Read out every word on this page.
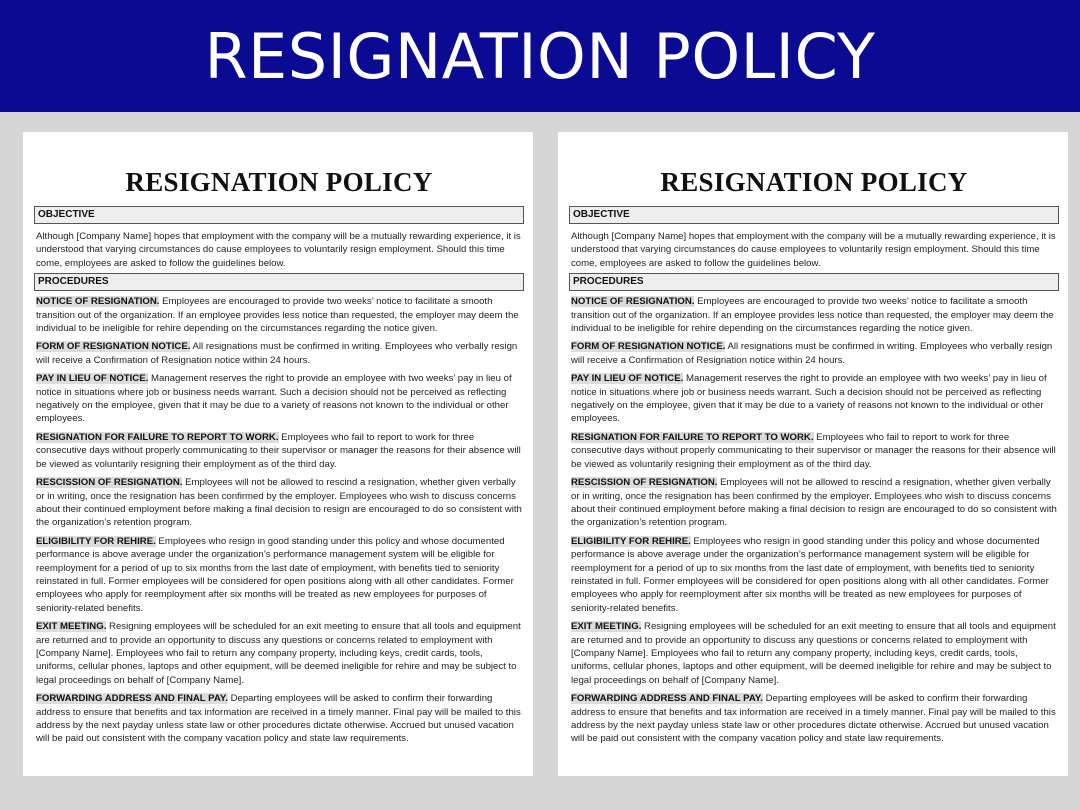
RESIGNATION POLICY
RESIGNATION POLICY
OBJECTIVE

Although [Company Name] hopes that employment with the company will be a mutually rewarding experience, it is understood that varying circumstances do cause employees to voluntarily resign employment. Should this time come, employees are asked to follow the guidelines below.

PROCEDURES

NOTICE OF RESIGNATION. Employees are encouraged to provide two weeks’ notice to facilitate a smooth transition out of the organization. If an employee provides less notice than requested, the employer may deem the individual to be ineligible for rehire depending on the circumstances regarding the notice given.

FORM OF RESIGNATION NOTICE. All resignations must be confirmed in writing. Employees who verbally resign will receive a Confirmation of Resignation notice within 24 hours.

PAY IN LIEU OF NOTICE. Management reserves the right to provide an employee with two weeks’ pay in lieu of notice in situations where job or business needs warrant. Such a decision should not be perceived as reflecting negatively on the employee, given that it may be due to a variety of reasons not known to the individual or other employees.

RESIGNATION FOR FAILURE TO REPORT TO WORK. Employees who fail to report to work for three consecutive days without properly communicating to their supervisor or manager the reasons for their absence will be viewed as voluntarily resigning their employment as of the third day.

RESCISSION OF RESIGNATION. Employees will not be allowed to rescind a resignation, whether given verbally or in writing, once the resignation has been confirmed by the employer. Employees who wish to discuss concerns about their continued employment before making a final decision to resign are encouraged to do so consistent with the organization’s retention program.

ELIGIBILITY FOR REHIRE. Employees who resign in good standing under this policy and whose documented performance is above average under the organization’s performance management system will be eligible for reemployment for a period of up to six months from the last date of employment, with benefits tied to seniority reinstated in full. Former employees will be considered for open positions along with all other candidates. Former employees who apply for reemployment after six months will be treated as new employees for purposes of seniority-related benefits.

EXIT MEETING. Resigning employees will be scheduled for an exit meeting to ensure that all tools and equipment are returned and to provide an opportunity to discuss any questions or concerns related to employment with [Company Name]. Employees who fail to return any company property, including keys, credit cards, tools, uniforms, cellular phones, laptops and other equipment, will be deemed ineligible for rehire and may be subject to legal proceedings on behalf of [Company Name].

FORWARDING ADDRESS AND FINAL PAY. Departing employees will be asked to confirm their forwarding address to ensure that benefits and tax information are received in a timely manner. Final pay will be mailed to this address by the next payday unless state law or other procedures dictate otherwise. Accrued but unused vacation will be paid out consistent with the company vacation policy and state law requirements.

RESIGNATION POLICY
OBJECTIVE

Although [Company Name] hopes that employment with the company will be a mutually rewarding experience, it is understood that varying circumstances do cause employees to voluntarily resign employment. Should this time come, employees are asked to follow the guidelines below.

PROCEDURES

NOTICE OF RESIGNATION. Employees are encouraged to provide two weeks’ notice to facilitate a smooth transition out of the organization. If an employee provides less notice than requested, the employer may deem the individual to be ineligible for rehire depending on the circumstances regarding the notice given.

FORM OF RESIGNATION NOTICE. All resignations must be confirmed in writing. Employees who verbally resign will receive a Confirmation of Resignation notice within 24 hours.

PAY IN LIEU OF NOTICE. Management reserves the right to provide an employee with two weeks’ pay in lieu of notice in situations where job or business needs warrant. Such a decision should not be perceived as reflecting negatively on the employee, given that it may be due to a variety of reasons not known to the individual or other employees.

RESIGNATION FOR FAILURE TO REPORT TO WORK. Employees who fail to report to work for three consecutive days without properly communicating to their supervisor or manager the reasons for their absence will be viewed as voluntarily resigning their employment as of the third day.

RESCISSION OF RESIGNATION. Employees will not be allowed to rescind a resignation, whether given verbally or in writing, once the resignation has been confirmed by the employer. Employees who wish to discuss concerns about their continued employment before making a final decision to resign are encouraged to do so consistent with the organization’s retention program.

ELIGIBILITY FOR REHIRE. Employees who resign in good standing under this policy and whose documented performance is above average under the organization’s performance management system will be eligible for reemployment for a period of up to six months from the last date of employment, with benefits tied to seniority reinstated in full. Former employees will be considered for open positions along with all other candidates. Former employees who apply for reemployment after six months will be treated as new employees for purposes of seniority-related benefits.

EXIT MEETING. Resigning employees will be scheduled for an exit meeting to ensure that all tools and equipment are returned and to provide an opportunity to discuss any questions or concerns related to employment with [Company Name]. Employees who fail to return any company property, including keys, credit cards, tools, uniforms, cellular phones, laptops and other equipment, will be deemed ineligible for rehire and may be subject to legal proceedings on behalf of [Company Name].

FORWARDING ADDRESS AND FINAL PAY. Departing employees will be asked to confirm their forwarding address to ensure that benefits and tax information are received in a timely manner. Final pay will be mailed to this address by the next payday unless state law or other procedures dictate otherwise. Accrued but unused vacation will be paid out consistent with the company vacation policy and state law requirements.
